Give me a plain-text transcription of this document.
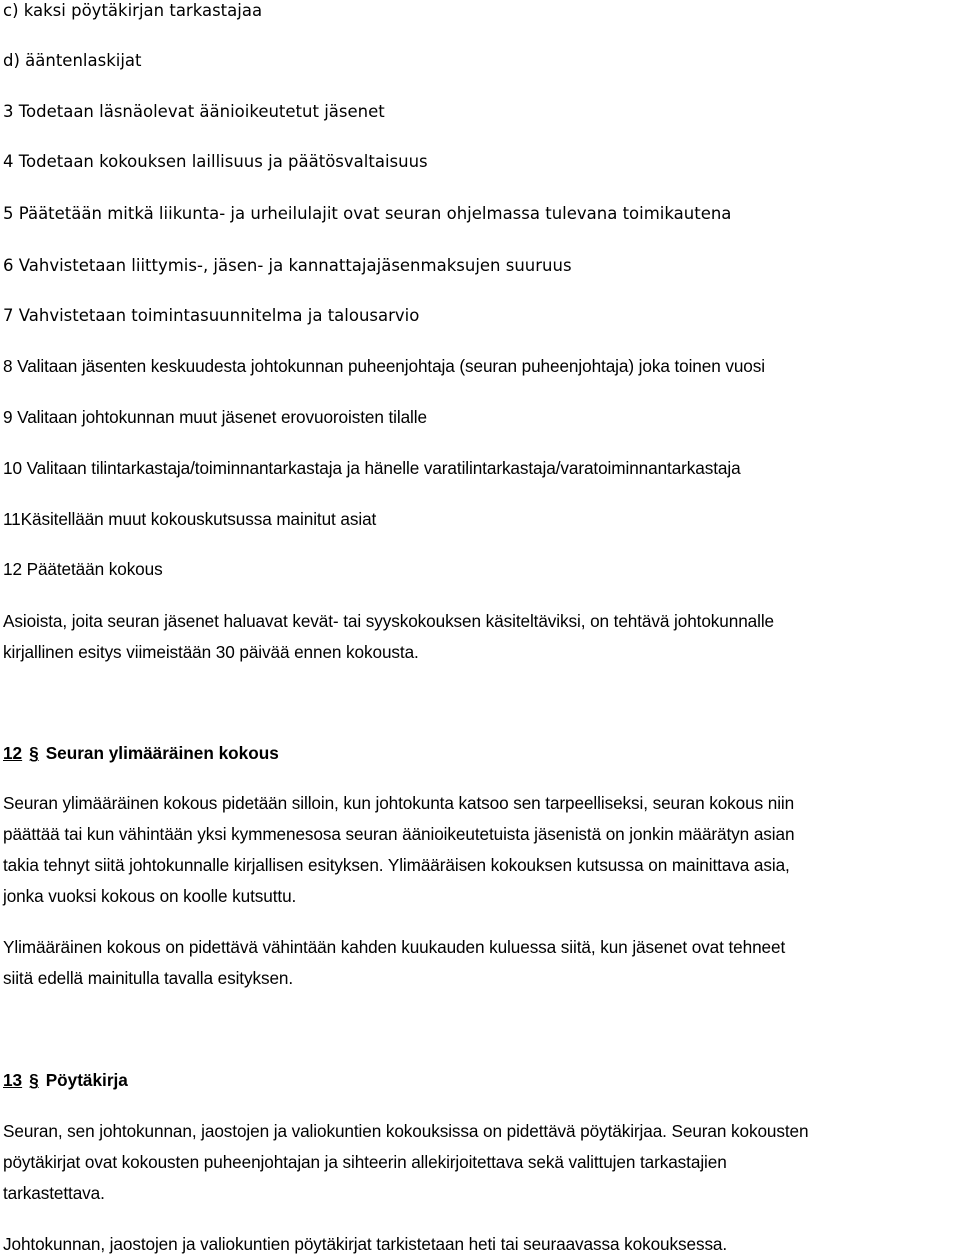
c) kaksi pöytäkirjan tarkastajaa
d) ääntenlaskijat
3 Todetaan läsnäolevat äänioikeutetut jäsenet
4 Todetaan kokouksen laillisuus ja päätösvaltaisuus
5 Päätetään mitkä liikunta- ja urheilulajit ovat seuran ohjelmassa tulevana toimikautena
6 Vahvistetaan liittymis-, jäsen- ja kannattajajäsenmaksujen suuruus
7 Vahvistetaan toimintasuunnitelma ja talousarvio
8 Valitaan jäsenten keskuudesta johtokunnan puheenjohtaja (seuran puheenjohtaja) joka toinen vuosi
9 Valitaan johtokunnan muut jäsenet erovuoroisten tilalle
10 Valitaan tilintarkastaja/toiminnantarkastaja ja hänelle varatilintarkastaja/varatoiminnantarkastaja
11Käsitellään muut kokouskutsussa mainitut asiat
12 Päätetään kokous
Asioista, joita seuran jäsenet haluavat kevät- tai syyskokouksen käsiteltäviksi, on tehtävä johtokunnalle
kirjallinen esitys viimeistään 30 päivää ennen kokousta.
12 § Seuran ylimääräinen kokous
Seuran ylimääräinen kokous pidetään silloin, kun johtokunta katsoo sen tarpeelliseksi, seuran kokous niin
päättää tai kun vähintään yksi kymmenesosa seuran äänioikeutetuista jäsenistä on jonkin määrätyn asian
takia tehnyt siitä johtokunnalle kirjallisen esityksen. Ylimääräisen kokouksen kutsussa on mainittava asia,
jonka vuoksi kokous on koolle kutsuttu.
Ylimääräinen kokous on pidettävä vähintään kahden kuukauden kuluessa siitä, kun jäsenet ovat tehneet
siitä edellä mainitulla tavalla esityksen.
13 § Pöytäkirja
Seuran, sen johtokunnan, jaostojen ja valiokuntien kokouksissa on pidettävä pöytäkirjaa. Seuran kokousten
pöytäkirjat ovat kokousten puheenjohtajan ja sihteerin allekirjoitettava sekä valittujen tarkastajien
tarkastettava.
Johtokunnan, jaostojen ja valiokuntien pöytäkirjat tarkistetaan heti tai seuraavassa kokouksessa.
